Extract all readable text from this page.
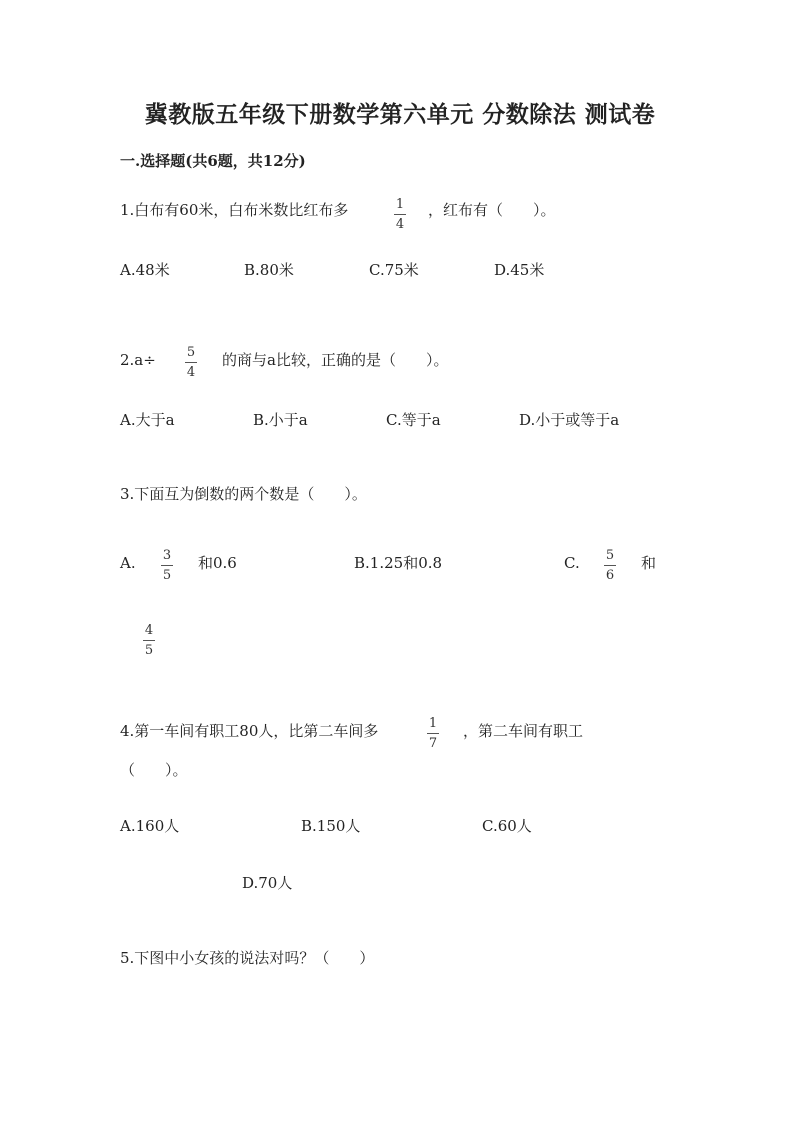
冀教版五年级下册数学第六单元 分数除法 测试卷
一.选择题(共6题，共12分)
1.白布有60米，白布米数比红布多	1
4
，红布有（　　）。
A.48米	B.80米	C.75米	D.45米
2.a÷ 5
4
的商与a比较，正确的是（　　）。
A.大于a	B.小于a	C.等于a	D.小于或等于a
3.下面互为倒数的两个数是（　　）。
A. 3
5
和0.6	B.1.25和0.8	C. 5
6
和
4
5
4.第一车间有职工80人，比第二车间多	1
7
，第二车间有职工
（　　）。
A.160人	B.150人	C.60人
D.70人
5.下图中小女孩的说法对吗？（　　）
